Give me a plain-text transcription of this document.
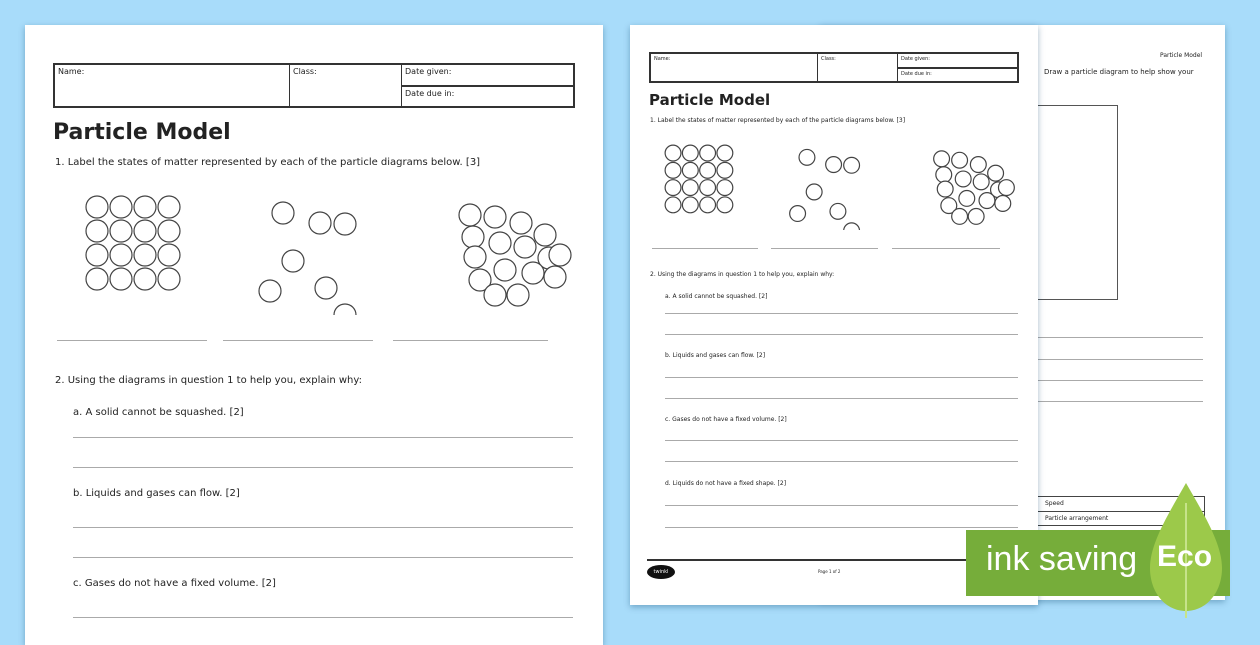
Particle Model
Draw a particle diagram to help show your
Speed
Particle arrangement
Name:	Class:	Date given:
Date due in:
Particle Model
1. Label the states of matter represented by each of the particle diagrams below. [3]
2. Using the diagrams in question 1 to help you, explain why:
a. A solid cannot be squashed. [2]
b. Liquids and gases can flow. [2]
c. Gases do not have a fixed volume. [2]
Name:	Class:	Date given:
Date due in:
Particle Model
1. Label the states of matter represented by each of the particle diagrams below. [3]
2. Using the diagrams in question 1 to help you, explain why:
a. A solid cannot be squashed. [2]
b. Liquids and gases can flow. [2]
c. Gases do not have a fixed volume. [2]
d. Liquids do not have a fixed shape. [2]
twinkl	Page 1 of 2	ink saving Eco
